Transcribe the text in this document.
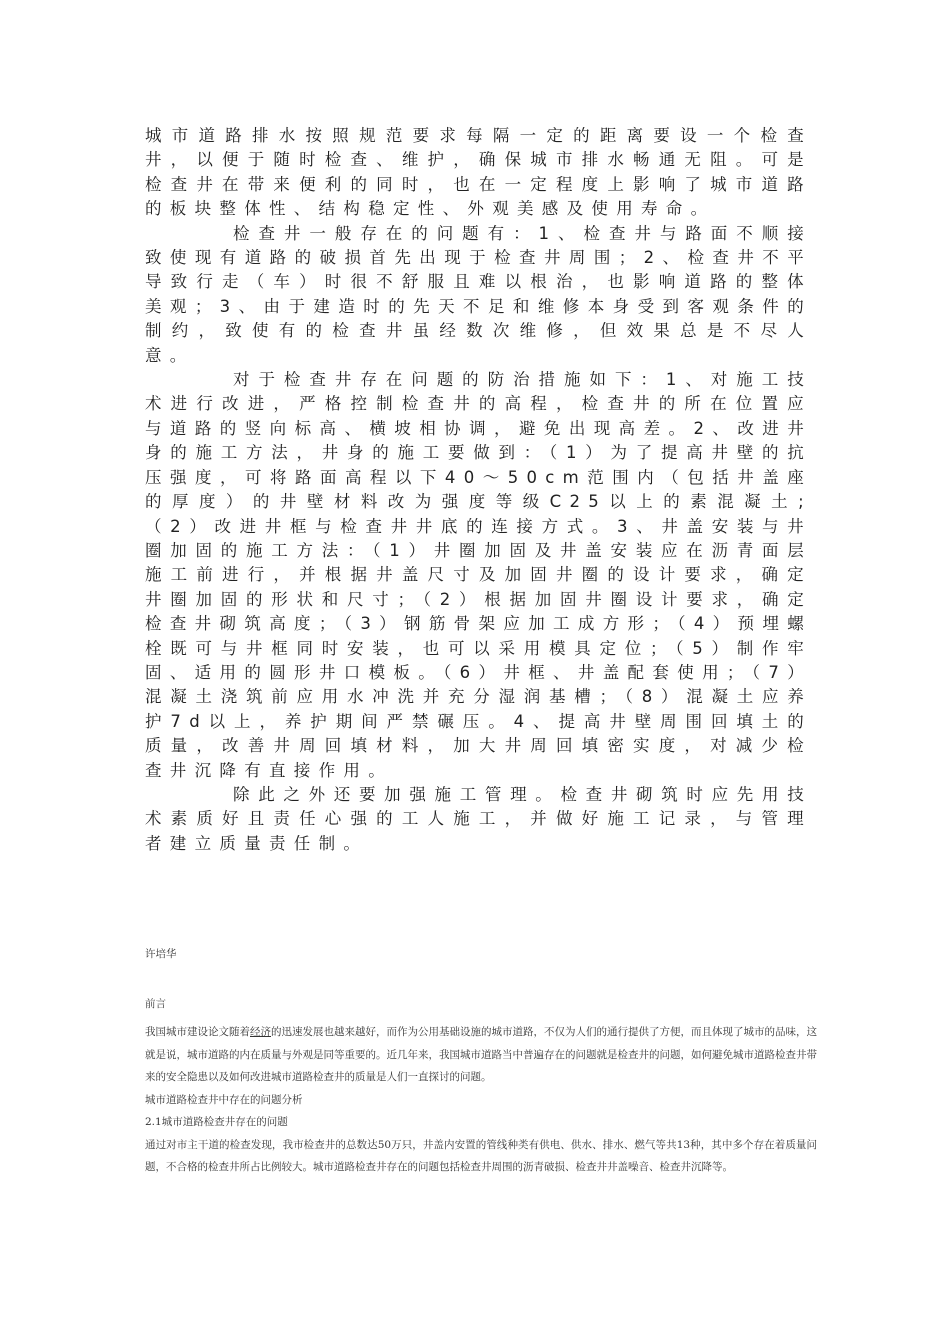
城市道路排水按照规范要求每隔一定的距离要设一个检查井，以便于随时检查、维护，确保城市排水畅通无阻。可是检查井在带来便利的同时，也在一定程度上影响了城市道路的板块整体性、结构稳定性、外观美感及使用寿命。

检查井一般存在的问题有：1、检查井与路面不顺接致使现有道路的破损首先出现于检查井周围；2、检查井不平导致行走（车）时很不舒服且难以根治，也影响道路的整体美观；3、由于建造时的先天不足和维修本身受到客观条件的制约，致使有的检查井虽经数次维修，但效果总是不尽人意。

对于检查井存在问题的防治措施如下：1、对施工技术进行改进，严格控制检查井的高程，检查井的所在位置应与道路的竖向标高、横坡相协调，避免出现高差。2、改进井身的施工方法，井身的施工要做到：（1）为了提高井壁的抗压强度，可将路面高程以下40～50cm范围内（包括井盖座的厚度）的井壁材料改为强度等级C25以上的素混凝土;（2）改进井框与检查井井底的连接方式。3、井盖安装与井圈加固的施工方法：（1）井圈加固及井盖安装应在沥青面层施工前进行，并根据井盖尺寸及加固井圈的设计要求，确定井圈加固的形状和尺寸；（2）根据加固井圈设计要求，确定检查井砌筑高度；（3）钢筋骨架应加工成方形；（4）预埋螺栓既可与井框同时安装，也可以采用模具定位；（5）制作牢固、适用的圆形井口模板。（6）井框、井盖配套使用；（7）混凝土浇筑前应用水冲洗并充分湿润基槽；（8）混凝土应养护7d以上，养护期间严禁碾压。4、提高井壁周围回填土的质量，改善井周回填材料，加大井周回填密实度，对减少检查井沉降有直接作用。

除此之外还要加强施工管理。检查井砌筑时应先用技术素质好且责任心强的工人施工，并做好施工记录，与管理者建立质量责任制。

许培华
前言

我国城市建设论文随着经济的迅速发展也越来越好，而作为公用基础设施的城市道路，不仅为人们的通行提供了方便，而且体现了城市的品味，这就是说，城市道路的内在质量与外观是同等重要的。近几年来，我国城市道路当中普遍存在的问题就是检查井的问题，如何避免城市道路检查井带来的安全隐患以及如何改进城市道路检查井的质量是人们一直探讨的问题。

城市道路检查井中存在的问题分析

2.1城市道路检查井存在的问题

通过对市主干道的检查发现，我市检查井的总数达50万只，井盖内安置的管线种类有供电、供水、排水、燃气等共13种，其中多个存在着质量问题，不合格的检查井所占比例较大。城市道路检查井存在的问题包括检查井周围的沥青破损、检查井井盖噪音、检查井沉降等。
